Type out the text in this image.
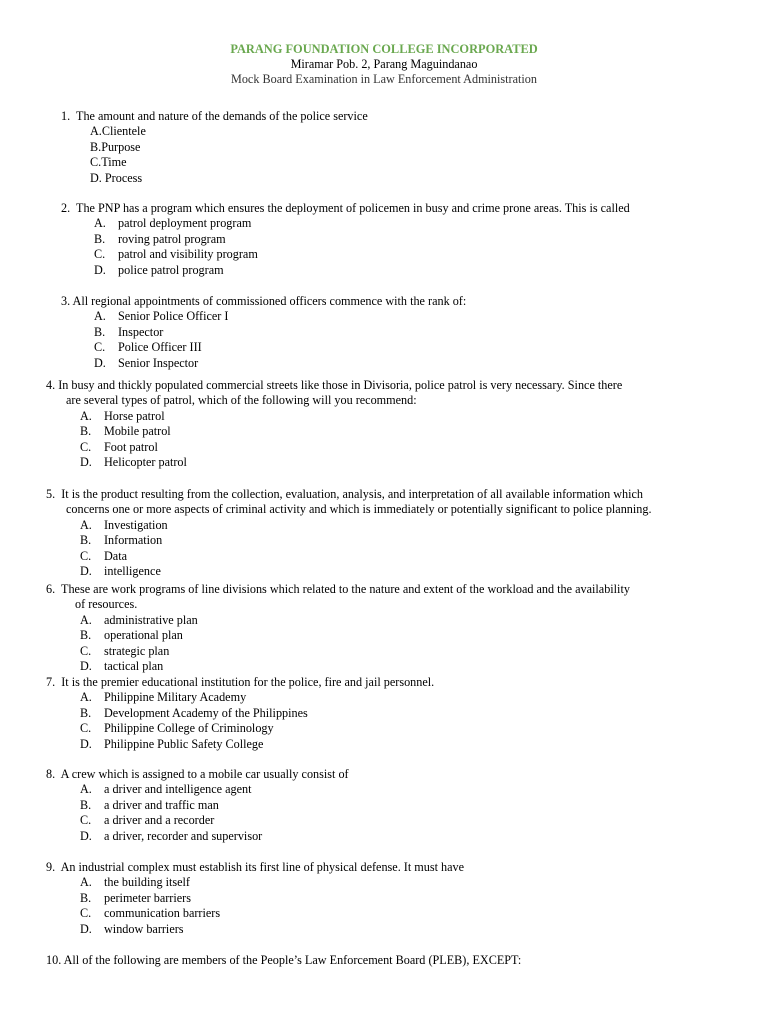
PARANG FOUNDATION COLLEGE INCORPORATED
Miramar Pob. 2, Parang Maguindanao
Mock Board Examination in Law Enforcement Administration
1. The amount and nature of the demands of the police service
A.Clientele
B.Purpose
C.Time
D. Process
2. The PNP has a program which ensures the deployment of policemen in busy and crime prone areas. This is called
A. patrol deployment program
B. roving patrol program
C. patrol and visibility program
D. police patrol program
3. All regional appointments of commissioned officers commence with the rank of:
A. Senior Police Officer I
B. Inspector
C. Police Officer III
D. Senior Inspector
4. In busy and thickly populated commercial streets like those in Divisoria, police patrol is very necessary. Since there
are several types of patrol, which of the following will you recommend:
A. Horse patrol
B. Mobile patrol
C. Foot patrol
D. Helicopter patrol
5. It is the product resulting from the collection, evaluation, analysis, and interpretation of all available information which
concerns one or more aspects of criminal activity and which is immediately or potentially significant to police planning.
A. Investigation
B. Information
C. Data
D. intelligence
6. These are work programs of line divisions which related to the nature and extent of the workload and the availability
of resources.
A. administrative plan
B. operational plan
C. strategic plan
D. tactical plan
7. It is the premier educational institution for the police, fire and jail personnel.
A. Philippine Military Academy
B. Development Academy of the Philippines
C. Philippine College of Criminology
D. Philippine Public Safety College
8. A crew which is assigned to a mobile car usually consist of
A. a driver and intelligence agent
B. a driver and traffic man
C. a driver and a recorder
D. a driver, recorder and supervisor
9. An industrial complex must establish its first line of physical defense. It must have
A. the building itself
B. perimeter barriers
C. communication barriers
D. window barriers
10. All of the following are members of the People’s Law Enforcement Board (PLEB), EXCEPT:
